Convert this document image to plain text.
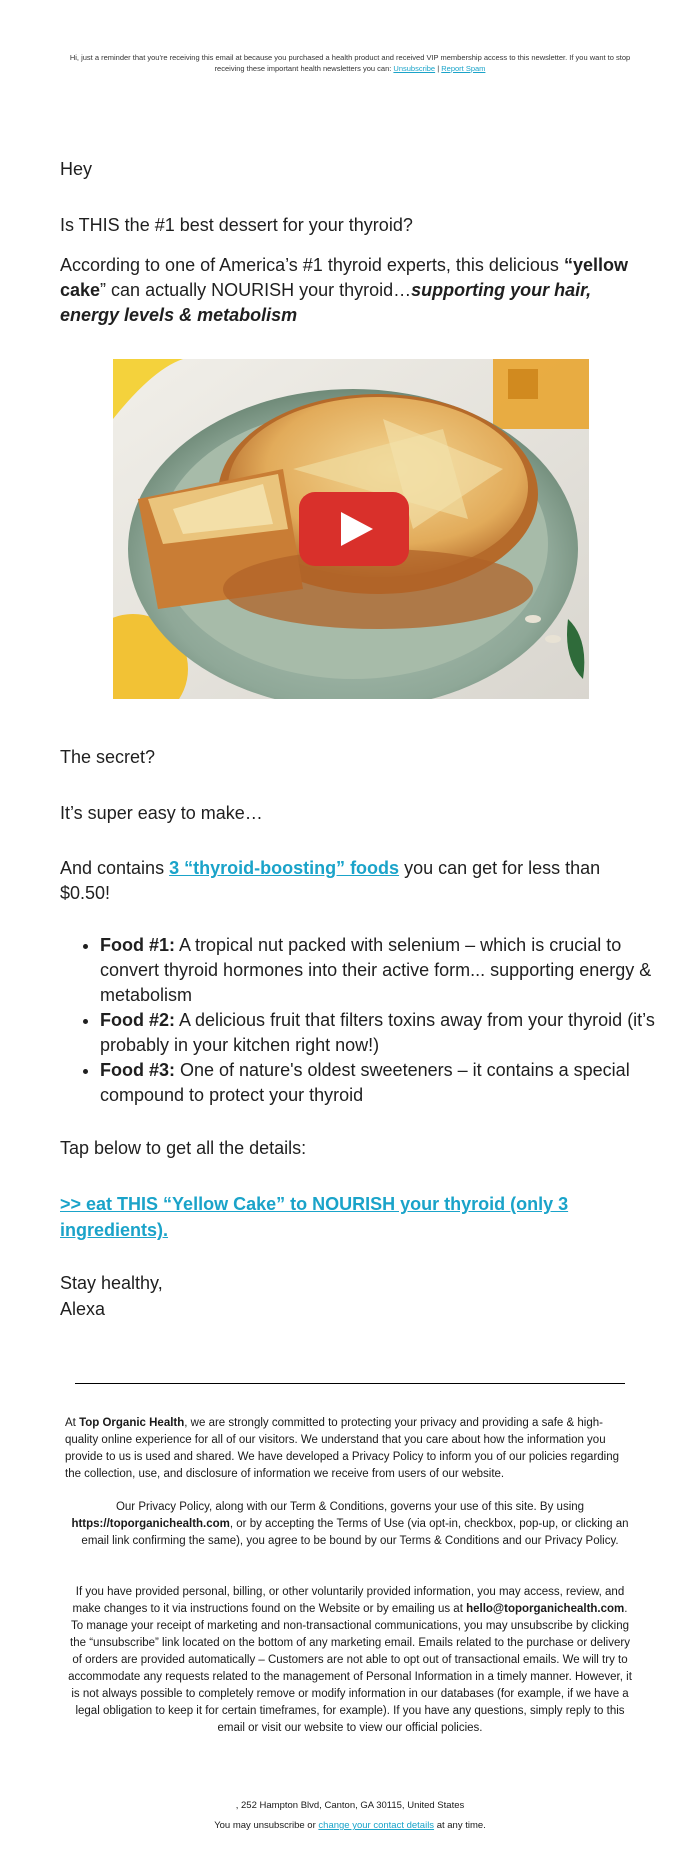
Hi, just a reminder that you're receiving this email at because you purchased a health product and received VIP membership access to this newsletter. If you want to stop receiving these important health newsletters you can: Unsubscribe | Report Spam

Hey

Is THIS the #1 best dessert for your thyroid?

According to one of America’s #1 thyroid experts, this delicious “yellow cake” can actually NOURISH your thyroid…supporting your hair, energy levels & metabolism

The secret?

It’s super easy to make…

And contains 3 “thyroid-boosting” foods you can get for less than $0.50!

• Food #1: A tropical nut packed with selenium – which is crucial to convert thyroid hormones into their active form... supporting energy & metabolism
• Food #2: A delicious fruit that filters toxins away from your thyroid (it’s probably in your kitchen right now!)
• Food #3: One of nature's oldest sweeteners – it contains a special compound to protect your thyroid

Tap below to get all the details:

>> eat THIS “Yellow Cake” to NOURISH your thyroid (only 3 ingredients).

Stay healthy,

Alexa

At Top Organic Health, we are strongly committed to protecting your privacy and providing a safe & high-quality online experience for all of our visitors. We understand that you care about how the information you provide to us is used and shared. We have developed a Privacy Policy to inform you of our policies regarding the collection, use, and disclosure of information we receive from users of our website.
Our Privacy Policy, along with our Term & Conditions, governs your use of this site. By using https://toporganichealth.com, or by accepting the Terms of Use (via opt-in, checkbox, pop-up, or clicking an email link confirming the same), you agree to be bound by our Terms & Conditions and our Privacy Policy.
If you have provided personal, billing, or other voluntarily provided information, you may access, review, and make changes to it via instructions found on the Website or by emailing us at hello@toporganichealth.com. To manage your receipt of marketing and non-transactional communications, you may unsubscribe by clicking the “unsubscribe” link located on the bottom of any marketing email. Emails related to the purchase or delivery of orders are provided automatically – Customers are not able to opt out of transactional emails. We will try to accommodate any requests related to the management of Personal Information in a timely manner. However, it is not always possible to completely remove or modify information in our databases (for example, if we have a legal obligation to keep it for certain timeframes, for example). If you have any questions, simply reply to this email or visit our website to view our official policies.
, 252 Hampton Blvd, Canton, GA 30115, United States
You may unsubscribe or change your contact details at any time.
